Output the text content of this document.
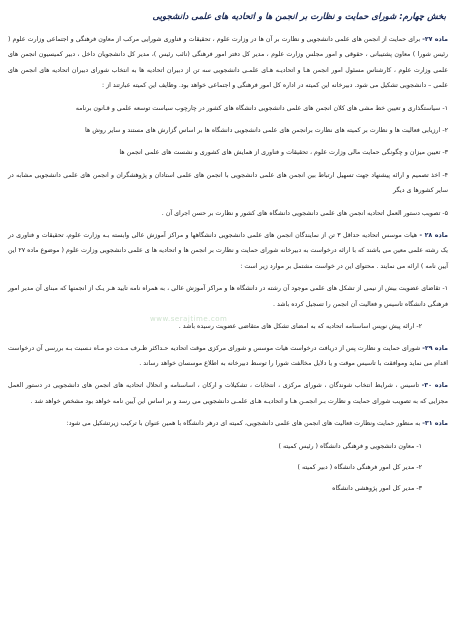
بخش چهارم: شورای حمایت و نظارت بر انجمن ها و اتحادیه های علمی دانشجویی

ماده ۲۷- برای حمایت از انجمن های علمی دانشجویی و نظارت بر آن ها در وزارت علوم ، تحقیقات و فناوری شورایی مرکب از معاون فرهنگی و اجتماعی وزارت علوم ( رئیس شورا ) معاون پشتیبانی ، حقوقی و امور مجلس وزارت علوم ، مدیر کل دفتر امور فرهنگی (نائب رئیس )، مدیر کل دانشجویان داخل ، دبیر کمیسیون انجمن های علمی وزارت علوم ، کارشناس مسئول امور انجمن هـا و اتحادیـه هـای علمـی دانشجویی سه تن از دبیران اتحادیه ها به انتخاب شورای دبیران اتحادیه های انجمن های علمی – دانشجویی تشکیل می شود. دبیرخانه این کمیته در اداره کل امور فرهنگی و اجتماعی خواهد بود. وظایف این کمیته عبارتند از :

۱- سیاستگذاری و تعیین خط مشی های کلان انجمن های علمی دانشجویی دانشگاه های کشور در چارچوب سیاست توسعه علمی و قـانون برنامه

۲- ارزیابی فعالیت ها و نظارت بر کمیته های نظارت برانجمن های علمی دانشجویی دانشگاه ها بر اساس گزارش های مستند و سایر روش ها

۳- تعیین میزان و چگونگی حمایت مالی وزارت علوم ، تحقیقات و فناوری از همایش های کشوری و نشست های علمی انجمن ها

۴- اخذ تصمیم و ارائه پیشنهاد جهت تسهیل ارتباط بین انجمن های علمی دانشجویی با انجمن های علمی استادان و پژوهشگران و انجمن های علمی دانشجویی مشابه در سایر کشورها ی دیگر

۵- تصویب دستور العمل اتحادیه انجمن های علمی دانشجویی دانشگاه های کشور و نظارت بر حسن اجرای آن .

ماده ۲۸ - هیات موسس اتحادیه حداقل ۳ تن از نمایندگان انجمن های علمی دانشجویی دانشگاهها و مراکز آموزش عالی وابسته بـه وزارت علوم، تحقیقات و فناوری در یک رشته علمی معین می باشند که با ارائه درخواست به دبیرخانه شورای حمایت و نظارت بر انجمن ها و اتحادیه ها ی علمی دانشجویی وزارت علوم ( موضوع ماده ۲۷ این آیین نامه ) ارائه می نمایند . محتوای این در خواست مشتمل بر موارد زیر است :

۱- تقاضای عضویت بیش از نیمی از تشکل های علمی موجود آن رشته در دانشگاه ها و مراکز آموزش عالی ، به همراه نامه تایید هـر یـک از انجمنها که مبنای آن مدیر امور فرهنگی دانشگاه تاسیس و فعالیت آن انجمن را تسجیل کرده باشد .

۲- ارائه پیش نویس اساسنامه اتحادیه که به امضای تشکل های متقاضی عضویت رسیده باشد .

ماده ۲۹- شورای حمایت و نظارت پس از دریافت درخواست هیات موسس و شورای مرکزی موقت اتحادیه حـداکثر ظـرف مـدت دو مـاه نـسبت بـه بررسی آن درخواست اقدام می نماید وموافقت با تاسیس موقت و یا دلایل مخالفت شورا را توسط دبیرخانه به اطلاع موسسان خواهد رساند .

ماده ۳۰- تاسیس ، شرایط انتخاب شوندگان ، شورای مرکزی ، انتخابات ، تشکیلات و ارکان ، اساسنامه و انحلال اتحادیه های انجمن های دانشجویی در دستور العمل مجزایی که به تصویب شورای حمایت و نظارت بـر انجمـن هـا و اتحادیـه هـای علمـی دانشجویی می رسد و بر اساس این آیین نامه خواهد بود مشخص خواهد شد .

ماده ۳۱- به منظور حمایت ونظارت فعالیت های انجمن های علمی دانشجویی، کمیته ای درهر دانشگاه با همین عنوان با ترکیب زیرتشکیل می شود:

۱- معاون دانشجویی و فرهنگی دانشگاه ( رئیس کمیته )

۲- مدیر کل امور فرهنگی دانشگاه ( دبیر کمیته )

۳- مدیر کل امور پژوهشی دانشگاه

www.serajtime.com
